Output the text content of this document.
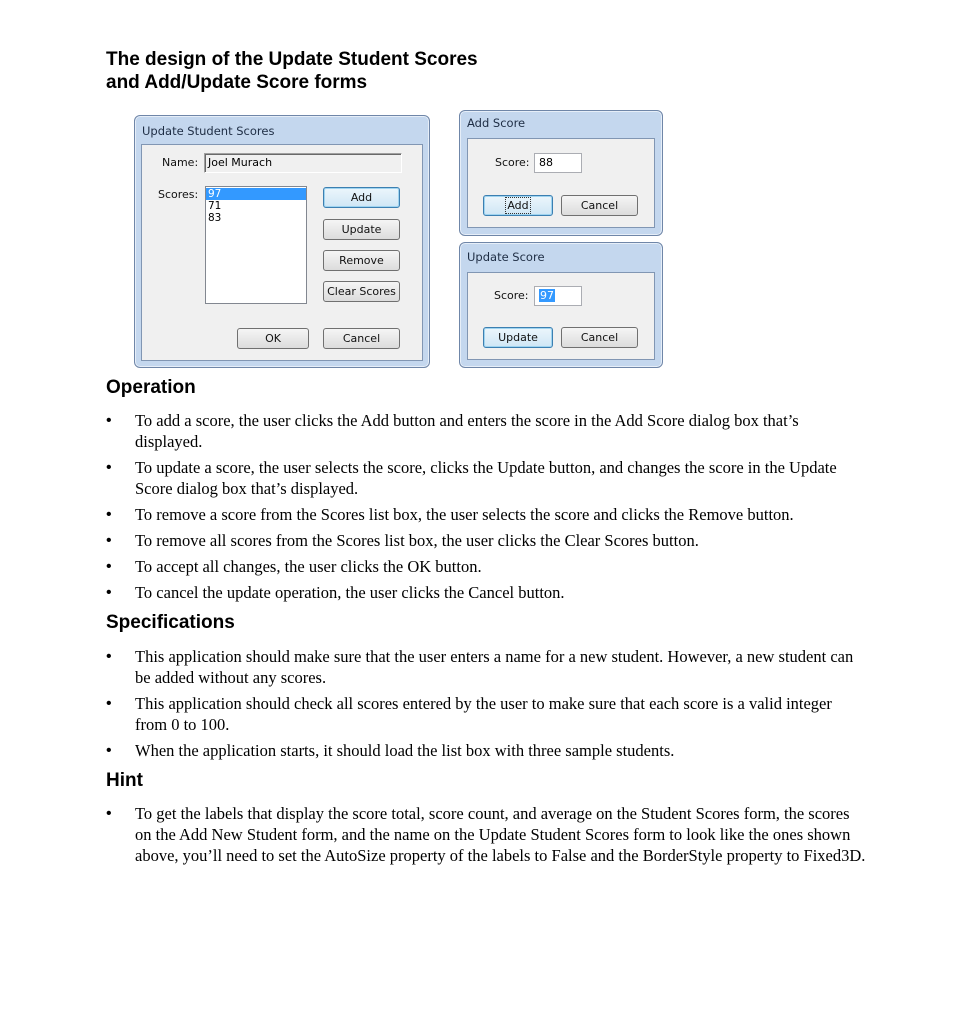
The design of the Update Student Scores
and Add/Update Score forms
Update Student Scores
Name: Joel Murach
Scores: 97
71
83
Add
Update
Remove
Clear Scores
OK	Cancel
Add Score
Score: 88
Add	Cancel
Update Score
Score:	97
Update	Cancel
Operation
• To add a score, the user clicks the Add button and enters the score in the Add Score dialog box that’s displayed.
• To update a score, the user selects the score, clicks the Update button, and changes the score in the Update Score dialog box that’s displayed.
• To remove a score from the Scores list box, the user selects the score and clicks the Remove button.
• To remove all scores from the Scores list box, the user clicks the Clear Scores button.
• To accept all changes, the user clicks the OK button.
• To cancel the update operation, the user clicks the Cancel button.
Specifications
• This application should make sure that the user enters a name for a new student. However, a new student can be added without any scores.
• This application should check all scores entered by the user to make sure that each score is a valid integer from 0 to 100.
• When the application starts, it should load the list box with three sample students.
Hint
• To get the labels that display the score total, score count, and average on the Student Scores form, the scores on the Add New Student form, and the name on the Update Student Scores form to look like the ones shown above, you’ll need to set the AutoSize property of the labels to False and the BorderStyle property to Fixed3D.
